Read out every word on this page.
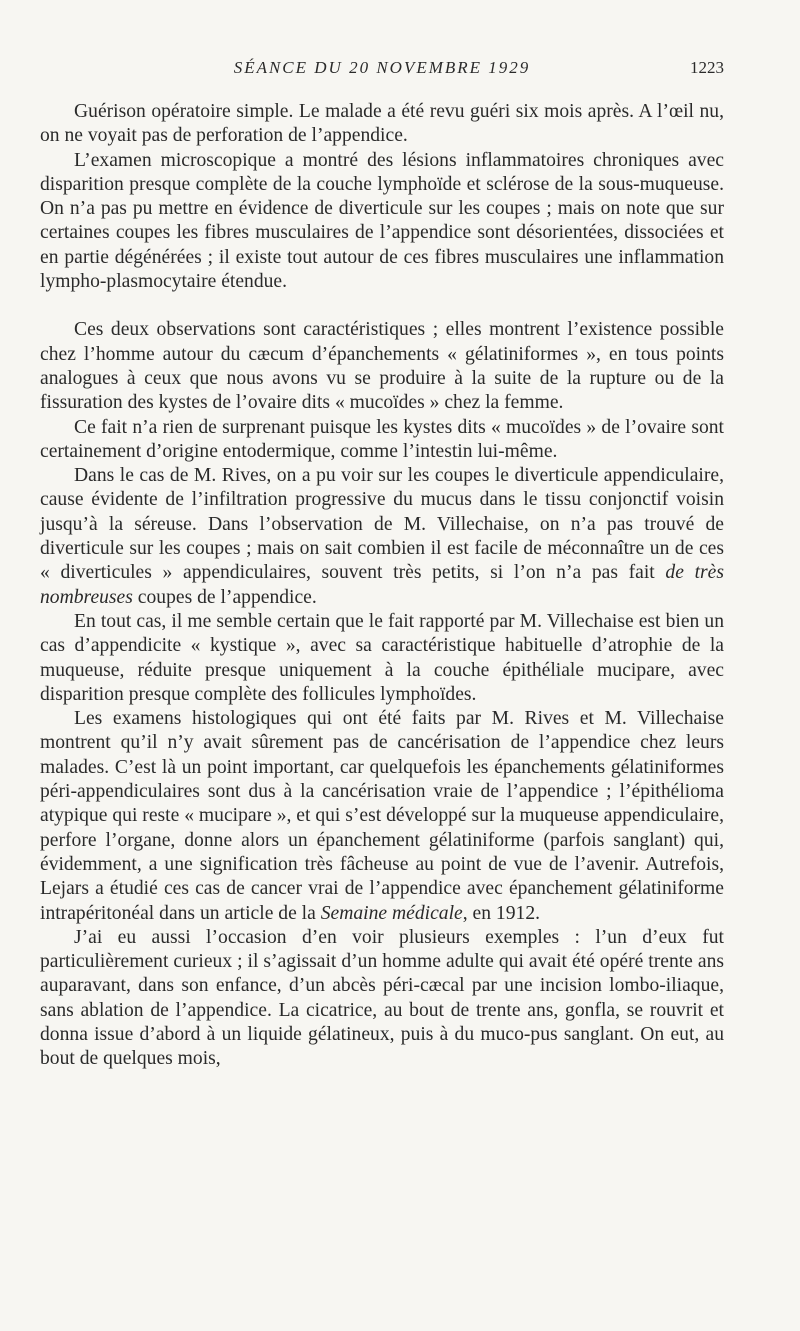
SÉANCE DU 20 NOVEMBRE 1929	1223

Guérison opératoire simple. Le malade a été revu guéri six mois après. A l’œil nu, on ne voyait pas de perforation de l’appendice.

L’examen microscopique a montré des lésions inflammatoires chroniques avec disparition presque complète de la couche lymphoïde et sclérose de la sous-muqueuse. On n’a pas pu mettre en évidence de diverticule sur les coupes ; mais on note que sur certaines coupes les fibres musculaires de l’appendice sont désorientées, dissociées et en partie dégénérées ; il existe tout autour de ces fibres musculaires une inflammation lympho-plasmocytaire étendue.

Ces deux observations sont caractéristiques ; elles montrent l’existence possible chez l’homme autour du cæcum d’épanchements « gélatiniformes », en tous points analogues à ceux que nous avons vu se produire à la suite de la rupture ou de la fissuration des kystes de l’ovaire dits « mucoïdes » chez la femme.

Ce fait n’a rien de surprenant puisque les kystes dits « mucoïdes » de l’ovaire sont certainement d’origine entodermique, comme l’intestin lui-même.

Dans le cas de M. Rives, on a pu voir sur les coupes le diverticule appendiculaire, cause évidente de l’infiltration progressive du mucus dans le tissu conjonctif voisin jusqu’à la séreuse. Dans l’observation de M. Villechaise, on n’a pas trouvé de diverticule sur les coupes ; mais on sait combien il est facile de méconnaître un de ces « diverticules » appendiculaires, souvent très petits, si l’on n’a pas fait de très nombreuses coupes de l’appendice.

En tout cas, il me semble certain que le fait rapporté par M. Villechaise est bien un cas d’appendicite « kystique », avec sa caractéristique habituelle d’atrophie de la muqueuse, réduite presque uniquement à la couche épithéliale mucipare, avec disparition presque complète des follicules lymphoïdes.

Les examens histologiques qui ont été faits par M. Rives et M. Villechaise montrent qu’il n’y avait sûrement pas de cancérisation de l’appendice chez leurs malades. C’est là un point important, car quelquefois les épanchements gélatiniformes péri-appendiculaires sont dus à la cancérisation vraie de l’appendice ; l’épithélioma atypique qui reste « mucipare », et qui s’est développé sur la muqueuse appendiculaire, perfore l’organe, donne alors un épanchement gélatiniforme (parfois sanglant) qui, évidemment, a une signification très fâcheuse au point de vue de l’avenir. Autrefois, Lejars a étudié ces cas de cancer vrai de l’appendice avec épanchement gélatiniforme intrapéritonéal dans un article de la Semaine médicale, en 1912.

J’ai eu aussi l’occasion d’en voir plusieurs exemples : l’un d’eux fut particulièrement curieux ; il s’agissait d’un homme adulte qui avait été opéré trente ans auparavant, dans son enfance, d’un abcès péri-cæcal par une incision lombo-iliaque, sans ablation de l’appendice. La cicatrice, au bout de trente ans, gonfla, se rouvrit et donna issue d’abord à un liquide gélatineux, puis à du muco-pus sanglant. On eut, au bout de quelques mois,
